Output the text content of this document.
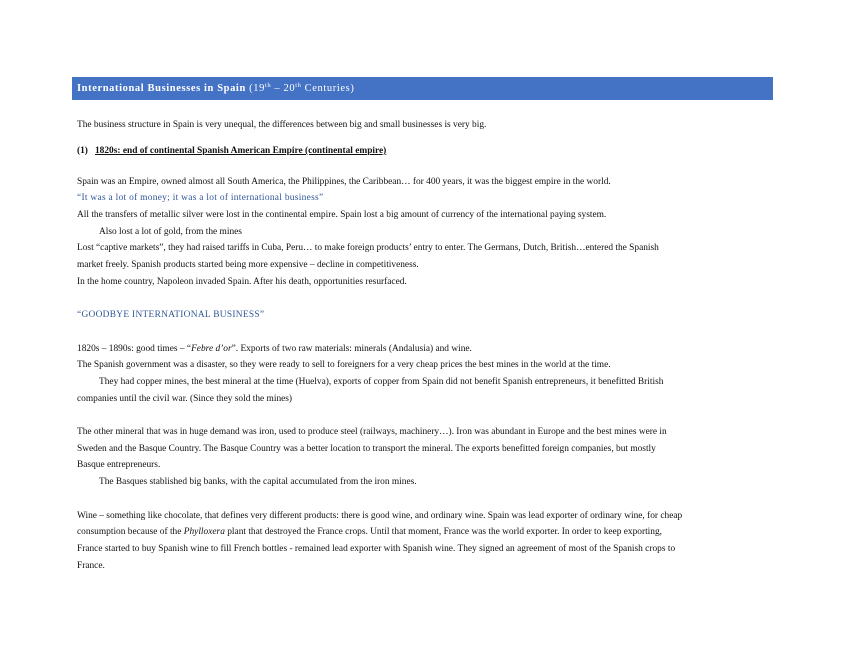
International Businesses in Spain (19th – 20th Centuries)
The business structure in Spain is very unequal, the differences between big and small businesses is very big.
(1) 1820s: end of continental Spanish American Empire (continental empire)
Spain was an Empire, owned almost all South America, the Philippines, the Caribbean… for 400 years, it was the biggest empire in the world.
“It was a lot of money; it was a lot of international business”
All the transfers of metallic silver were lost in the continental empire. Spain lost a big amount of currency of the international paying system.
Also lost a lot of gold, from the mines
Lost “captive markets”, they had raised tariffs in Cuba, Peru… to make foreign products’ entry to enter. The Germans, Dutch, British…entered the Spanish
market freely. Spanish products started being more expensive – decline in competitiveness.
In the home country, Napoleon invaded Spain. After his death, opportunities resurfaced.
“GOODBYE INTERNATIONAL BUSINESS”
1820s – 1890s: good times – “Febre d’or”. Exports of two raw materials: minerals (Andalusia) and wine.
The Spanish government was a disaster, so they were ready to sell to foreigners for a very cheap prices the best mines in the world at the time.
They had copper mines, the best mineral at the time (Huelva), exports of copper from Spain did not benefit Spanish entrepreneurs, it benefitted British
companies until the civil war. (Since they sold the mines)
The other mineral that was in huge demand was iron, used to produce steel (railways, machinery…). Iron was abundant in Europe and the best mines were in
Sweden and the Basque Country. The Basque Country was a better location to transport the mineral. The exports benefitted foreign companies, but mostly
Basque entrepreneurs.
The Basques stablished big banks, with the capital accumulated from the iron mines.
Wine – something like chocolate, that defines very different products: there is good wine, and ordinary wine. Spain was lead exporter of ordinary wine, for cheap
consumption because of the Phylloxera plant that destroyed the France crops. Until that moment, France was the world exporter. In order to keep exporting,
France started to buy Spanish wine to fill French bottles - remained lead exporter with Spanish wine. They signed an agreement of most of the Spanish crops to
France.
